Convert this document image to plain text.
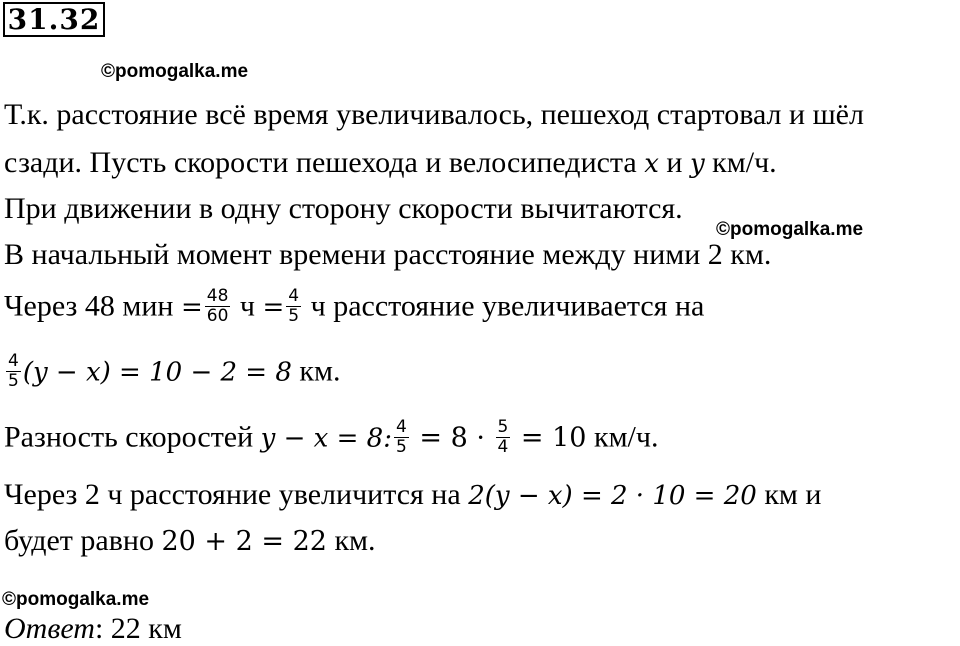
31.32
©pomogalka.me
©pomogalka.me
©pomogalka.me
Т.к. расстояние всё время увеличивалось, пешеход стартовал и шёл
сзади. Пусть скорости пешехода и велосипедиста x и y км/ч.
При движении в одну сторону скорости вычитаются.
В начальный момент времени расстояние между ними 2 км.
Через 48 мин = $\frac{48}{60}$ $ч = \frac{4}{5}$ ч расстояние увеличивается на
$\frac{4}{5} (y - x) = 10 - 2 = 8$ км.
Разность скоростей y − x = 8: $\frac{4}{5} = 8 \cdot \frac{5}{4} = 10$ км/ч.
Через 2 ч расстояние увеличится на 2(y − x) = 2 · 10 = 20 км и
будет равно 20 + 2 = 22 км.
Ответ: 22 км
